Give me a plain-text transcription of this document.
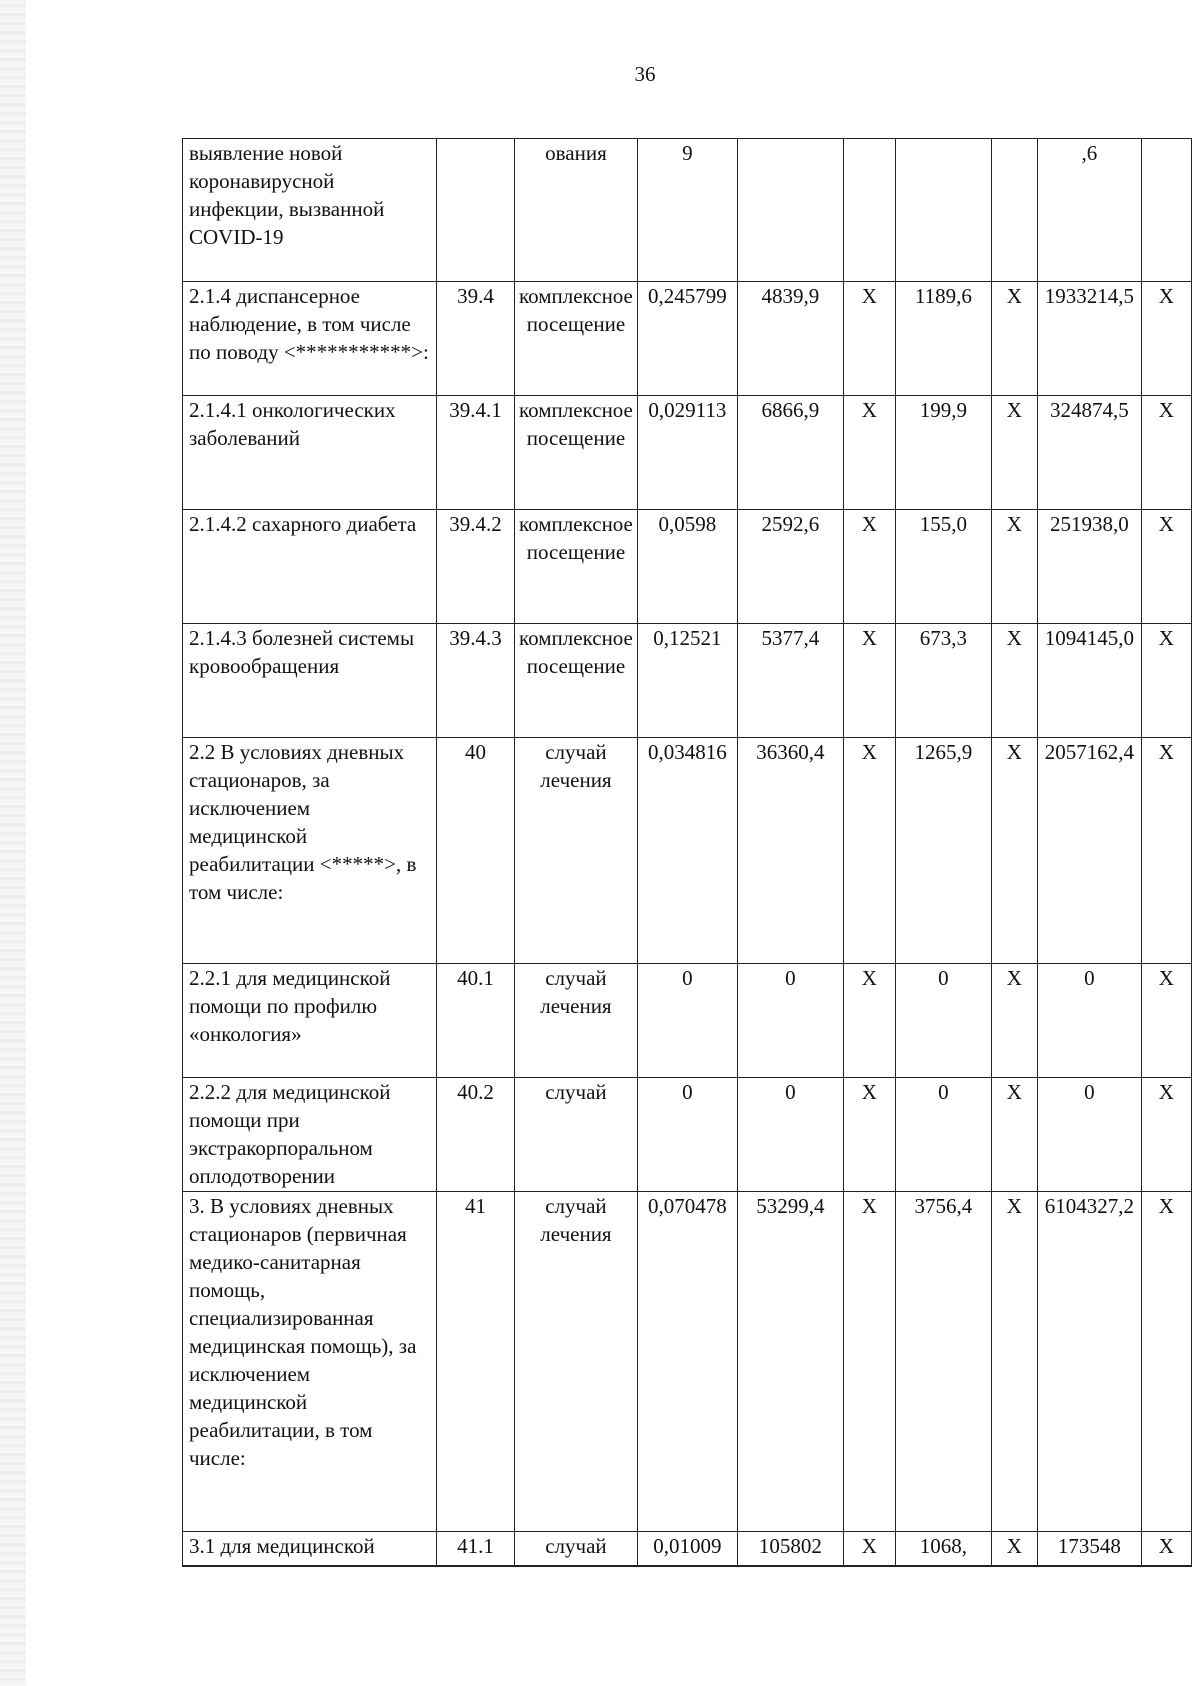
36
выявление новой коронавирусной инфекции, вызванной COVID-19		ования	9					,6	
2.1.4 диспансерное наблюдение, в том числе по поводу <***********>:	39.4	комплексное посещение	0,245799	4839,9	Х	1189,6	Х	1933214,5	Х
2.1.4.1 онкологических заболеваний	39.4.1	комплексное посещение	0,029113	6866,9	Х	199,9	Х	324874,5	Х
2.1.4.2 сахарного диабета	39.4.2	комплексное посещение	0,0598	2592,6	Х	155,0	Х	251938,0	Х
2.1.4.3 болезней системы кровообращения	39.4.3	комплексное посещение	0,12521	5377,4	Х	673,3	Х	1094145,0	Х
2.2 В условиях дневных стационаров, за исключением медицинской реабилитации <*****>, в том числе:	40	случай лечения	0,034816	36360,4	Х	1265,9	Х	2057162,4	Х
2.2.1 для медицинской помощи по профилю «онкология»	40.1	случай лечения	0	0	Х	0	Х	0	Х
2.2.2 для медицинской помощи при экстракорпоральном оплодотворении	40.2	случай	0	0	Х	0	Х	0	Х
3. В условиях дневных стационаров (первичная медико-санитарная помощь, специализированная медицинская помощь), за исключением медицинской реабилитации, в том числе:	41	случай лечения	0,070478	53299,4	Х	3756,4	Х	6104327,2	Х
3.1 для медицинской	41.1	случай	0,01009	105802	Х	1068,	Х	173548	Х
